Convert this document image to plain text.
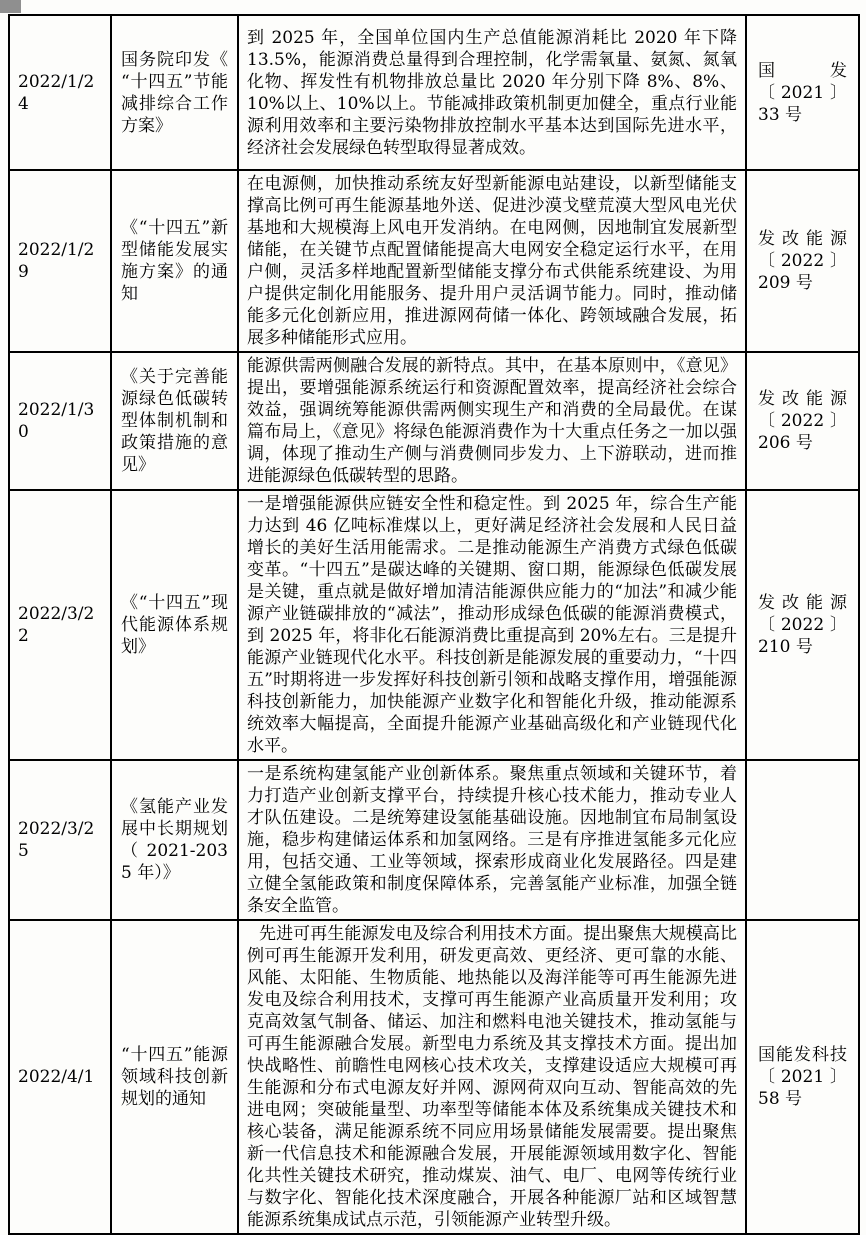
2022/1/24	国务院印发《“十四五”节能减排综合工作方案》	到 2025 年，全国单位国内生产总值能源消耗比 2020 年下降 13.5%，能源消费总量得到合理控制，化学需氧量、氨氮、氮氧化物、挥发性有机物排放总量比 2020 年分别下降 8%、8%、10%以上、10%以上。节能减排政策机制更加健全，重点行业能源利用效率和主要污染物排放控制水平基本达到国际先进水平，经济社会发展绿色转型取得显著成效。	国发〔2021〕33 号
2022/1/29	《“十四五”新型储能发展实施方案》的通知	在电源侧，加快推动系统友好型新能源电站建设，以新型储能支撑高比例可再生能源基地外送、促进沙漠戈壁荒漠大型风电光伏基地和大规模海上风电开发消纳。在电网侧，因地制宜发展新型储能，在关键节点配置储能提高大电网安全稳定运行水平，在用户侧，灵活多样地配置新型储能支撑分布式供能系统建设、为用户提供定制化用能服务、提升用户灵活调节能力。同时，推动储能多元化创新应用，推进源网荷储一体化、跨领域融合发展，拓展多种储能形式应用。	发改能源〔2022〕209 号
2022/1/30	《关于完善能源绿色低碳转型体制机制和政策措施的意见》	能源供需两侧融合发展的新特点。其中，在基本原则中，《意见》提出，要增强能源系统运行和资源配置效率，提高经济社会综合效益，强调统筹能源供需两侧实现生产和消费的全局最优。在谋篇布局上，《意见》将绿色能源消费作为十大重点任务之一加以强调，体现了推动生产侧与消费侧同步发力、上下游联动，进而推进能源绿色低碳转型的思路。	发改能源〔2022〕206 号
2022/3/22	《“十四五”现代能源体系规划》	一是增强能源供应链安全性和稳定性。到 2025 年，综合生产能力达到 46 亿吨标准煤以上，更好满足经济社会发展和人民日益增长的美好生活用能需求。二是推动能源生产消费方式绿色低碳变革。“十四五”是碳达峰的关键期、窗口期，能源绿色低碳发展是关键，重点就是做好增加清洁能源供应能力的“加法”和减少能源产业链碳排放的“减法”，推动形成绿色低碳的能源消费模式，到 2025 年，将非化石能源消费比重提高到 20%左右。三是提升能源产业链现代化水平。科技创新是能源发展的重要动力，“十四五”时期将进一步发挥好科技创新引领和战略支撑作用，增强能源科技创新能力，加快能源产业数字化和智能化升级，推动能源系统效率大幅提高，全面提升能源产业基础高级化和产业链现代化水平。	发改能源〔2022〕210 号
2022/3/25	《氢能产业发展中长期规划（ 2021-2035 年）》	一是系统构建氢能产业创新体系。聚焦重点领域和关键环节，着力打造产业创新支撑平台，持续提升核心技术能力，推动专业人才队伍建设。二是统筹建设氢能基础设施。因地制宜布局制氢设施，稳步构建储运体系和加氢网络。三是有序推进氢能多元化应用，包括交通、工业等领域，探索形成商业化发展路径。四是建立健全氢能政策和制度保障体系，完善氢能产业标准，加强全链条安全监管。	
2022/4/1	“十四五”能源领域科技创新规划的通知	先进可再生能源发电及综合利用技术方面。提出聚焦大规模高比例可再生能源开发利用，研发更高效、更经济、更可靠的水能、风能、太阳能、生物质能、地热能以及海洋能等可再生能源先进发电及综合利用技术，支撑可再生能源产业高质量开发利用；攻克高效氢气制备、储运、加注和燃料电池关键技术，推动氢能与可再生能源融合发展。新型电力系统及其支撑技术方面。提出加快战略性、前瞻性电网核心技术攻关，支撑建设适应大规模可再生能源和分布式电源友好并网、源网荷双向互动、智能高效的先进电网；突破能量型、功率型等储能本体及系统集成关键技术和核心装备，满足能源系统不同应用场景储能发展需要。提出聚焦新一代信息技术和能源融合发展，开展能源领域用数字化、智能化共性关键技术研究，推动煤炭、油气、电厂、电网等传统行业与数字化、智能化技术深度融合，开展各种能源厂站和区域智慧能源系统集成试点示范，引领能源产业转型升级。	国能发科技〔2021〕58 号
